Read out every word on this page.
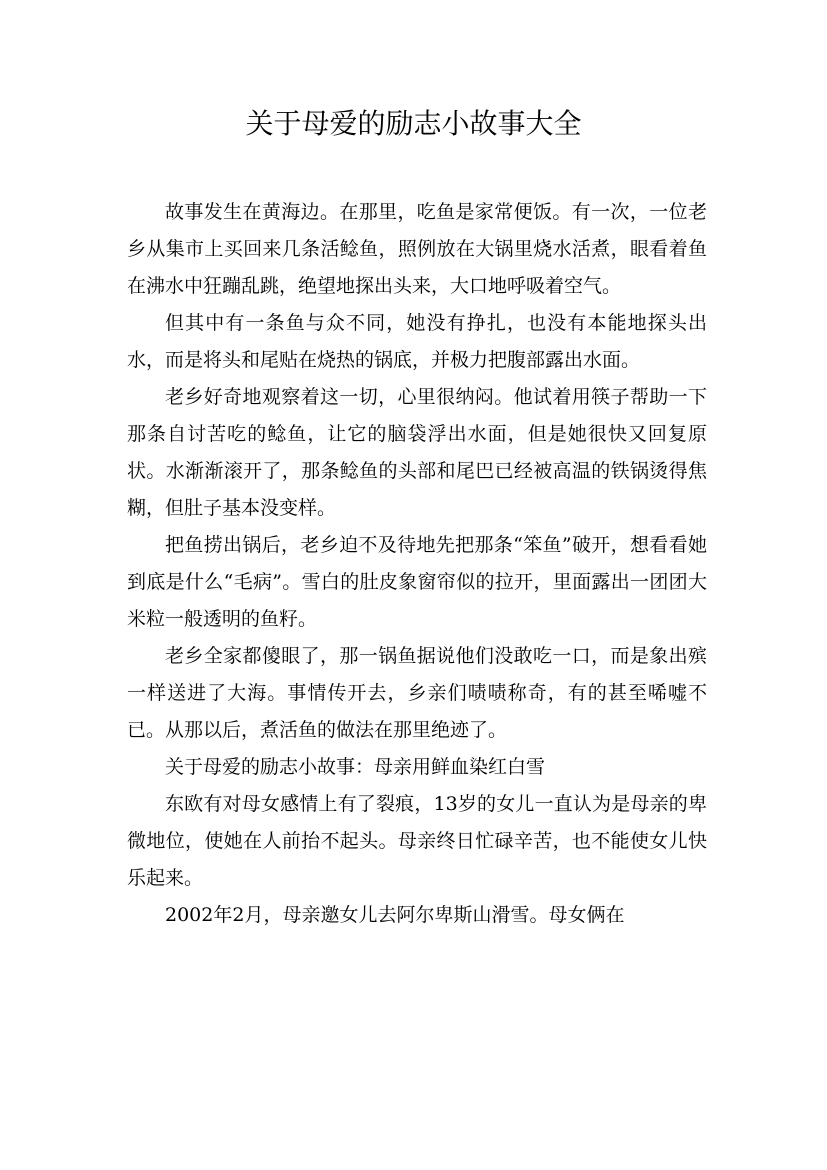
关于母爱的励志小故事大全

故事发生在黄海边。在那里，吃鱼是家常便饭。有一次，一位老乡从集市上买回来几条活鲶鱼，照例放在大锅里烧水活煮，眼看着鱼在沸水中狂蹦乱跳，绝望地探出头来，大口地呼吸着空气。

但其中有一条鱼与众不同，她没有挣扎，也没有本能地探头出水，而是将头和尾贴在烧热的锅底，并极力把腹部露出水面。

老乡好奇地观察着这一切，心里很纳闷。他试着用筷子帮助一下那条自讨苦吃的鲶鱼，让它的脑袋浮出水面，但是她很快又回复原状。水渐渐滚开了，那条鲶鱼的头部和尾巴已经被高温的铁锅烫得焦糊，但肚子基本没变样。

把鱼捞出锅后，老乡迫不及待地先把那条“笨鱼”破开，想看看她到底是什么“毛病”。雪白的肚皮象窗帘似的拉开，里面露出一团团大米粒一般透明的鱼籽。

老乡全家都傻眼了，那一锅鱼据说他们没敢吃一口，而是象出殡一样送进了大海。事情传开去，乡亲们啧啧称奇，有的甚至唏嘘不已。从那以后，煮活鱼的做法在那里绝迹了。

关于母爱的励志小故事：母亲用鲜血染红白雪

东欧有对母女感情上有了裂痕，13岁的女儿一直认为是母亲的卑微地位，使她在人前抬不起头。母亲终日忙碌辛苦，也不能使女儿快乐起来。

2002年2月，母亲邀女儿去阿尔卑斯山滑雪。母女俩在
